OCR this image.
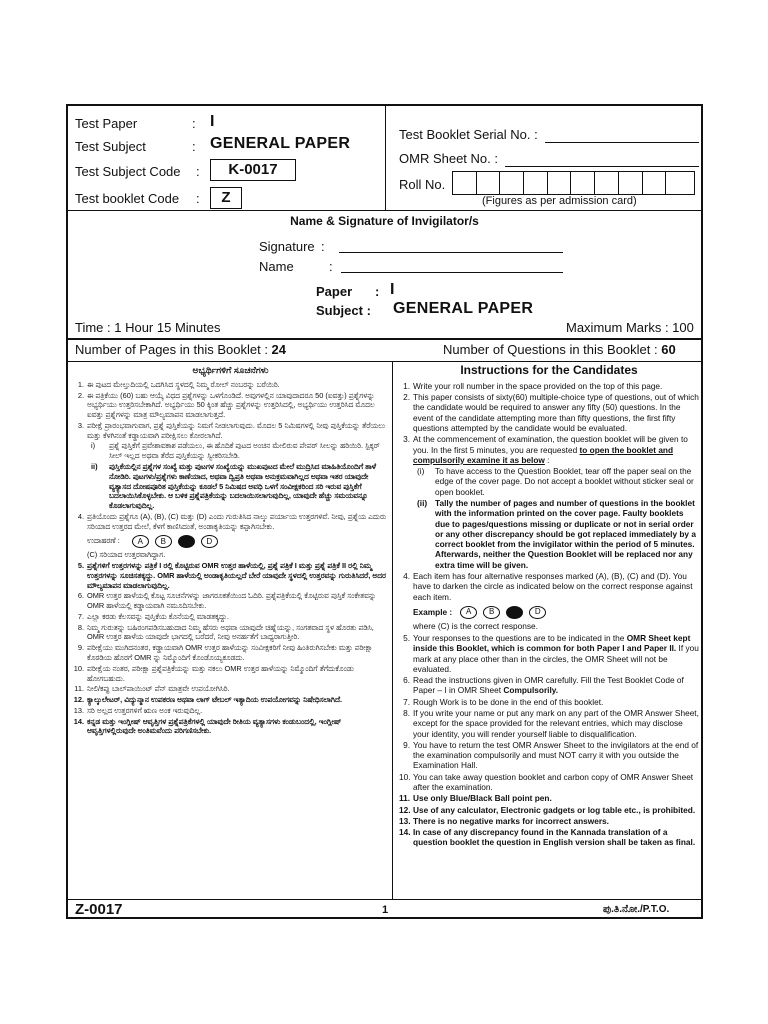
Test Paper	: I
Test Subject	: GENERAL PAPER
Test Subject Code :	K-0017
Test booklet Code :	Z
Test Booklet Serial No. :
OMR Sheet No. :
Roll No.
(Figures as per admission card)
Name & Signature of Invigilator/s
Signature :
Name	:
Paper : I
Subject : GENERAL PAPER
Time : 1 Hour 15 Minutes	Maximum Marks : 100
Number of Pages in this Booklet : 24	Number of Questions in this Booklet : 60
ಅಭ್ಯರ್ಥಿಗಳಿಗೆ ಸೂಚನೆಗಳು
1. ಈ ಪುಟದ ಮೇಲ್ತುದಿಯಲ್ಲಿ ಒದಗಿಸಿದ ಸ್ಥಳದಲ್ಲಿ ನಿಮ್ಮ ರೋಲ್ ನಂಬರನ್ನು ಬರೆಯಿರಿ.
2. ಈ ಪತ್ರಿಕೆಯು (60) ಬಹು ಆಯ್ಕೆ ವಿಧದ ಪ್ರಶ್ನೆಗಳನ್ನು ಒಳಗೊಂಡಿದೆ. ಅವುಗಳಲ್ಲಿನ ಯಾವುದಾದರೂ 50 (ಐವತ್ತು) ಪ್ರಶ್ನೆಗಳನ್ನು ಅಭ್ಯರ್ಥಿಯು ಉತ್ತರಿಸಬೇಕಾಗಿದೆ. ಅಭ್ಯರ್ಥಿಯು 50 ಕ್ಕಿಂತ ಹೆಚ್ಚು ಪ್ರಶ್ನೆಗಳನ್ನು ಉತ್ತರಿಸಿದಲ್ಲಿ, ಅಭ್ಯರ್ಥಿಯು ಉತ್ತರಿಸಿದ ಮೊದಲ ಐವತ್ತು ಪ್ರಶ್ನೆಗಳನ್ನು ಮಾತ್ರ ಮೌಲ್ಯಮಾಪನ ಮಾಡಲಾಗುತ್ತದೆ.
3. ಪರೀಕ್ಷೆ ಪ್ರಾರಂಭವಾಗುವಾಗ, ಪ್ರಶ್ನೆ ಪುಸ್ತಿಕೆಯನ್ನು ನಿಮಗೆ ನೀಡಲಾಗುವುದು. ಮೊದಲ 5 ನಿಮಿಷಗಳಲ್ಲಿ ನೀವು ಪುಸ್ತಿಕೆಯನ್ನು ತೆರೆಯಲು ಮತ್ತು ಕೆಳಗಿನಂತೆ ಕಡ್ಡಾಯವಾಗಿ ಪರೀಕ್ಷಿಸಲು ಕೋರಲಾಗಿದೆ.
i)	ಪ್ರಶ್ನೆ ಪುಸ್ತಿಕೆಗೆ ಪ್ರವೇಶಾವಕಾಶ ಪಡೆಯಲು, ಈ ಹೊದಿಕೆ ಪುಟದ ಅಂಚಿನ ಮೇಲಿರುವ ಪೇಪರ್ ಸೀಲನ್ನು ಹರಿಯಿರಿ. ಸ್ಟಿಕ್ಕರ್ ಸೀಲ್ ಇಲ್ಲದ ಅಥವಾ ತೆರೆದ ಪುಸ್ತಿಕೆಯನ್ನು ಸ್ವೀಕರಿಸಬೇಡಿ.
ii)	ಪುಸ್ತಿಕೆಯಲ್ಲಿನ ಪ್ರಶ್ನೆಗಳ ಸಂಖ್ಯೆ ಮತ್ತು ಪುಟಗಳ ಸಂಖ್ಯೆಯನ್ನು ಮುಖಪುಟದ ಮೇಲೆ ಮುದ್ರಿಸಿದ ಮಾಹಿತಿಯೊಂದಿಗೆ ತಾಳೆ ನೋಡಿರಿ. ಪುಟಗಳು/ಪ್ರಶ್ನೆಗಳು ಕಾಣೆಯಾದ, ಅಥವಾ ದ್ವಿಪ್ರತಿ ಅಥವಾ ಅನುಕ್ರಮವಾಗಿಲ್ಲದ ಅಥವಾ ಇತರ ಯಾವುದೇ ವ್ಯತ್ಯಾಸದ ದೋಷಪೂರಿತ ಪುಸ್ತಿಕೆಯನ್ನು ಕೂಡಲೆ 5 ನಿಮಿಷದ ಅವಧಿ ಒಳಗೆ ಸಂವೀಕ್ಷಕರಿಂದ ಸರಿ ಇರುವ ಪುಸ್ತಿಕೆಗೆ ಬದಲಾಯಿಸಿಕೊಳ್ಳಬೇಕು. ಆ ಬಳಿಕ ಪ್ರಶ್ನೆಪತ್ರಿಕೆಯನ್ನು ಬದಲಾಯಿಸಲಾಗುವುದಿಲ್ಲ, ಯಾವುದೇ ಹೆಚ್ಚು ಸಮಯವನ್ನೂ ಕೊಡಲಾಗುವುದಿಲ್ಲ.
4. ಪ್ರತಿಯೊಂದು ಪ್ರಶ್ನೆಗೂ (A), (B), (C) ಮತ್ತು (D) ಎಂದು ಗುರುತಿಸಿದ ನಾಲ್ಕು ಪರ್ಯಾಯ ಉತ್ತರಗಳಿವೆ. ನೀವು, ಪ್ರಶ್ನೆಯ ಎದುರು ಸರಿಯಾದ ಉತ್ತರದ ಮೇಲೆ, ಕೆಳಗೆ ಕಾಣಿಸಿದಂತೆ, ಅಂಡಾಕೃತಿಯನ್ನು ಕಪ್ಪಾಗಿಸಬೇಕು.
ಉದಾಹರಣೆ :	A	B	D
(C) ಸರಿಯಾದ ಉತ್ತರವಾಗಿದ್ದಾಗ.
5. ಪ್ರಶ್ನೆಗಳಿಗೆ ಉತ್ತರಗಳನ್ನು ಪತ್ರಿಕೆ I ರಲ್ಲಿ ಕೊಟ್ಟಿರುವ OMR ಉತ್ತರ ಹಾಳೆಯಲ್ಲಿ, ಪ್ರಶ್ನೆ ಪತ್ರಿಕೆ I ಮತ್ತು ಪ್ರಶ್ನೆ ಪತ್ರಿಕೆ II ರಲ್ಲಿ ನಿಮ್ಮ ಉತ್ತರಗಳನ್ನು ಸೂಚಿಸತಕ್ಕದ್ದು. OMR ಹಾಳೆಯಲ್ಲಿ ಅಂಡಾಕೃತಿಯಲ್ಲದೆ ಬೇರೆ ಯಾವುದೇ ಸ್ಥಳದಲ್ಲಿ ಉತ್ತರವನ್ನು ಗುರುತಿಸಿದರೆ, ಅದರ ಮೌಲ್ಯಮಾಪನ ಮಾಡಲಾಗುವುದಿಲ್ಲ.
6. OMR ಉತ್ತರ ಹಾಳೆಯಲ್ಲಿ ಕೊಟ್ಟ ಸೂಚನೆಗಳನ್ನು ಜಾಗರೂಕತೆಯಿಂದ ಓದಿರಿ. ಪ್ರಶ್ನೆಪತ್ರಿಕೆಯಲ್ಲಿ ಕೊಟ್ಟಿರುವ ಪುಸ್ತಿಕೆ ಸಂಕೇತವನ್ನು OMR ಹಾಳೆಯಲ್ಲಿ ಕಡ್ಡಾಯವಾಗಿ ನಮೂದಿಸಬೇಕು.
7. ಎಲ್ಲಾ ಕರಡು ಕೆಲಸವನ್ನು ಪುಸ್ತಿಕೆಯ ಕೊನೆಯಲ್ಲಿ ಮಾಡತಕ್ಕದ್ದು.
8. ನಿಮ್ಮ ಗುರುತನ್ನು ಬಹಿರಂಗಪಡಿಸಬಹುದಾದ ನಿಮ್ಮ ಹೆಸರು ಅಥವಾ ಯಾವುದೇ ಚಿಹ್ನೆಯನ್ನು, ಸಂಗತವಾದ ಸ್ಥಳ ಹೊರತು ಪಡಿಸಿ, OMR ಉತ್ತರ ಹಾಳೆಯ ಯಾವುದೇ ಭಾಗದಲ್ಲಿ ಬರೆದರೆ, ನೀವು ಅನರ್ಹತೆಗೆ ಬಾಧ್ಯರಾಗುತ್ತೀರಿ.
9. ಪರೀಕ್ಷೆಯು ಮುಗಿದನಂತರ, ಕಡ್ಡಾಯವಾಗಿ OMR ಉತ್ತರ ಹಾಳೆಯನ್ನು ಸಂವೀಕ್ಷಕರಿಗೆ ನೀವು ಹಿಂತಿರುಗಿಸಬೇಕು ಮತ್ತು ಪರೀಕ್ಷಾ ಕೊಠಡಿಯ ಹೊರಗೆ OMR ನ್ನು ನಿಮ್ಮೊಂದಿಗೆ ಕೊಂಡೊಯ್ಯಕೂಡದು.
10. ಪರೀಕ್ಷೆಯ ನಂತರ, ಪರೀಕ್ಷಾ ಪ್ರಶ್ನೆಪತ್ರಿಕೆಯನ್ನು ಮತ್ತು ನಕಲು OMR ಉತ್ತರ ಹಾಳೆಯನ್ನು ನಿಮ್ಮೊಂದಿಗೆ ತೆಗೆದುಕೊಂಡು ಹೋಗಬಹುದು.
11. ನೀಲಿ/ಕಪ್ಪು ಬಾಲ್‌ಪಾಯಿಂಟ್ ಪೆನ್ ಮಾತ್ರವೇ ಉಪಯೋಗಿಸಿರಿ.
12. ಕ್ಯಾಲ್ಕುಲೇಟರ್, ವಿದ್ಯುನ್ಮಾನ ಉಪಕರಣ ಅಥವಾ ಲಾಗ್ ಟೇಬಲ್ ಇತ್ಯಾದಿಯ ಉಪಯೋಗವನ್ನು ನಿಷೇಧಿಸಲಾಗಿದೆ.
13. ಸರಿ ಅಲ್ಲದ ಉತ್ತರಗಳಿಗೆ ಋಣ ಅಂಕ ಇರುವುದಿಲ್ಲ.
14. ಕನ್ನಡ ಮತ್ತು ಇಂಗ್ಲೀಷ್ ಆವೃತ್ತಿಗಳ ಪ್ರಶ್ನೆಪತ್ರಿಕೆಗಳಲ್ಲಿ ಯಾವುದೇ ರೀತಿಯ ವ್ಯತ್ಯಾಸಗಳು ಕಂಡುಬಂದಲ್ಲಿ, ಇಂಗ್ಲೀಷ್ ಆವೃತ್ತಿಗಳಲ್ಲಿರುವುದೇ ಅಂತಿಮವೆಂದು ಪರಿಗಣಿಸಬೇಕು.
Instructions for the Candidates
1. Write your roll number in the space provided on the top of this page.
2. This paper consists of sixty(60) multiple-choice type of questions, out of which the candidate would be required to answer any fifty (50) questions. In the event of the candidate attempting more than fifty questions, the first fifty questions attempted by the candidate would be evaluated.
3. At the commencement of examination, the question booklet will be given to you. In the first 5 minutes, you are requested to open the booklet and compulsorily examine it as below :
(i)	To have access to the Question Booklet, tear off the paper seal on the edge of the cover page. Do not accept a booklet without sticker seal or open booklet.
(ii) Tally the number of pages and number of questions in the booklet with the information printed on the cover page. Faulty booklets due to pages/questions missing or duplicate or not in serial order or any other discrepancy should be got replaced immediately by a correct booklet from the invigilator within the period of 5 minutes. Afterwards, neither the Question Booklet will be replaced nor any extra time will be given.
4. Each item has four alternative responses marked (A), (B), (C) and (D). You have to darken the circle as indicated below on the correct response against each item.
Example :	A	B	D
where (C) is the correct response.
5. Your responses to the questions are to be indicated in the OMR Sheet kept inside this Booklet, which is common for both Paper I and Paper II. If you mark at any place other than in the circles, the OMR Sheet will not be evaluated.
6. Read the instructions given in OMR carefully. Fill the Test Booklet Code of Paper – I in OMR Sheet Compulsorily.
7. Rough Work is to be done in the end of this booklet.
8. If you write your name or put any mark on any part of the OMR Answer Sheet, except for the space provided for the relevant entries, which may disclose your identity, you will render yourself liable to disqualification.
9. You have to return the test OMR Answer Sheet to the invigilators at the end of the examination compulsorily and must NOT carry it with you outside the Examination Hall.
10. You can take away question booklet and carbon copy of OMR Answer Sheet after the examination.
11. Use only Blue/Black Ball point pen.
12. Use of any calculator, Electronic gadgets or log table etc., is prohibited.
13. There is no negative marks for incorrect answers.
14. In case of any discrepancy found in the Kannada translation of a question booklet the question in English version shall be taken as final.
Z-0017	1	ಪು.ತಿ.ನೋ./P.T.O.
